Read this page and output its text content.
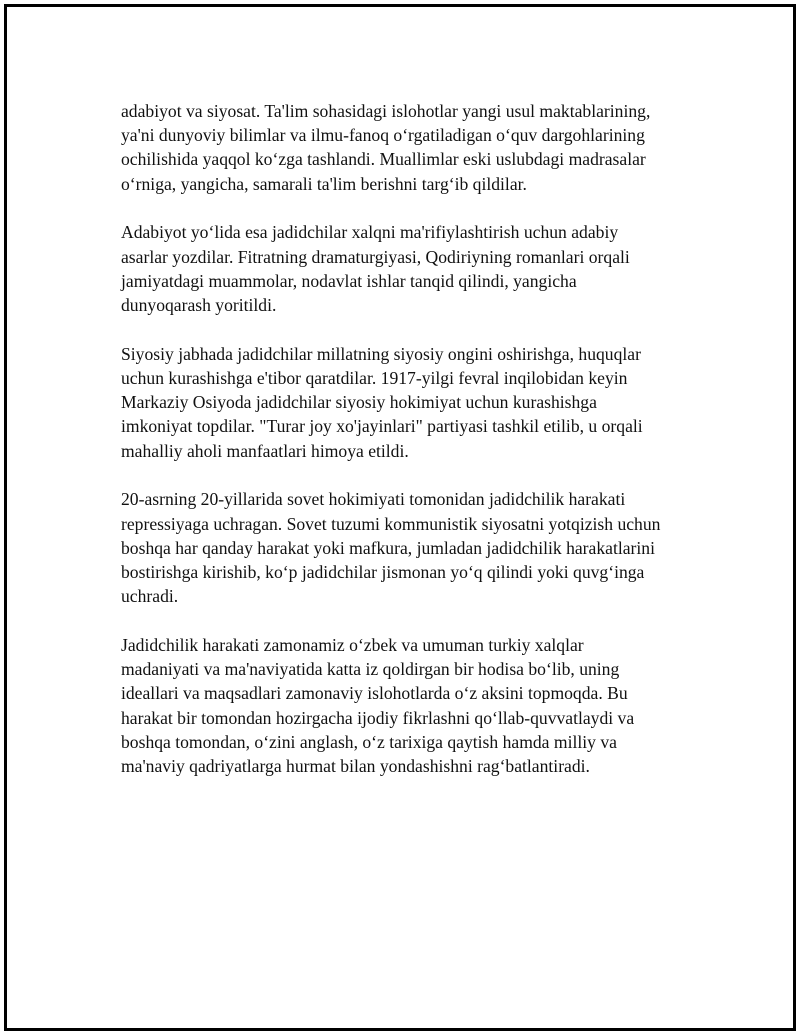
adabiyot va siyosat. Ta'lim sohasidagi islohotlar yangi usul maktablarining,
ya'ni dunyoviy bilimlar va ilmu-fanoq o‘rgatiladigan o‘quv dargohlarining
ochilishida yaqqol ko‘zga tashlandi. Muallimlar eski uslubdagi madrasalar
o‘rniga, yangicha, samarali ta'lim berishni targ‘ib qildilar.

Adabiyot yo‘lida esa jadidchilar xalqni ma'rifiylashtirish uchun adabiy
asarlar yozdilar. Fitratning dramaturgiyasi, Qodiriyning romanlari orqali
jamiyatdagi muammolar, nodavlat ishlar tanqid qilindi, yangicha
dunyoqarash yoritildi.

Siyosiy jabhada jadidchilar millatning siyosiy ongini oshirishga, huquqlar
uchun kurashishga e'tibor qaratdilar. 1917-yilgi fevral inqilobidan keyin
Markaziy Osiyoda jadidchilar siyosiy hokimiyat uchun kurashishga
imkoniyat topdilar. "Turar joy xo'jayinlari" partiyasi tashkil etilib, u orqali
mahalliy aholi manfaatlari himoya etildi.

20-asrning 20-yillarida sovet hokimiyati tomonidan jadidchilik harakati
repressiyaga uchragan. Sovet tuzumi kommunistik siyosatni yotqizish uchun
boshqa har qanday harakat yoki mafkura, jumladan jadidchilik harakatlarini
bostirishga kirishib, ko‘p jadidchilar jismonan yo‘q qilindi yoki quvg‘inga
uchradi.

Jadidchilik harakati zamonamiz o‘zbek va umuman turkiy xalqlar
madaniyati va ma'naviyatida katta iz qoldirgan bir hodisa bo‘lib, uning
ideallari va maqsadlari zamonaviy islohotlarda o‘z aksini topmoqda. Bu
harakat bir tomondan hozirgacha ijodiy fikrlashni qo‘llab-quvvatlaydi va
boshqa tomondan, o‘zini anglash, o‘z tarixiga qaytish hamda milliy va
ma'naviy qadriyatlarga hurmat bilan yondashishni rag‘batlantiradi.
